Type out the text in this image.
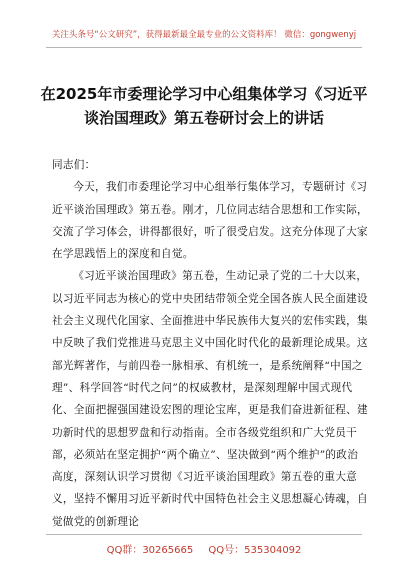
关注头条号“公文研究”，获得最新最全最专业的公文资料库！ 微信：gongwenyj
在2025年市委理论学习中心组集体学习《习近平
谈治国理政》第五卷研讨会上的讲话

同志们：

今天，我们市委理论学习中心组举行集体学习，专题研讨《习近平谈治国理政》第五卷。刚才，几位同志结合思想和工作实际，交流了学习体会，讲得都很好，听了很受启发。这充分体现了大家在学思践悟上的深度和自觉。

《习近平谈治国理政》第五卷，生动记录了党的二十大以来，以习近平同志为核心的党中央团结带领全党全国各族人民全面建设社会主义现代化国家、全面推进中华民族伟大复兴的宏伟实践，集中反映了我们党推进马克思主义中国化时代化的最新理论成果。这部光辉著作，与前四卷一脉相承、有机统一，是系统阐释“中国之理”、科学回答“时代之问”的权威教材，是深刻理解中国式现代化、全面把握强国建设宏图的理论宝库，更是我们奋进新征程、建功新时代的思想罗盘和行动指南。全市各级党组织和广大党员干部，必须站在坚定拥护“两个确立”、坚决做到“两个维护”的政治高度，深刻认识学习贯彻《习近平谈治国理政》第五卷的重大意义，坚持不懈用习近平新时代中国特色社会主义思想凝心铸魂，自觉做党的创新理论

QQ群：30265665 QQ号：535304092
